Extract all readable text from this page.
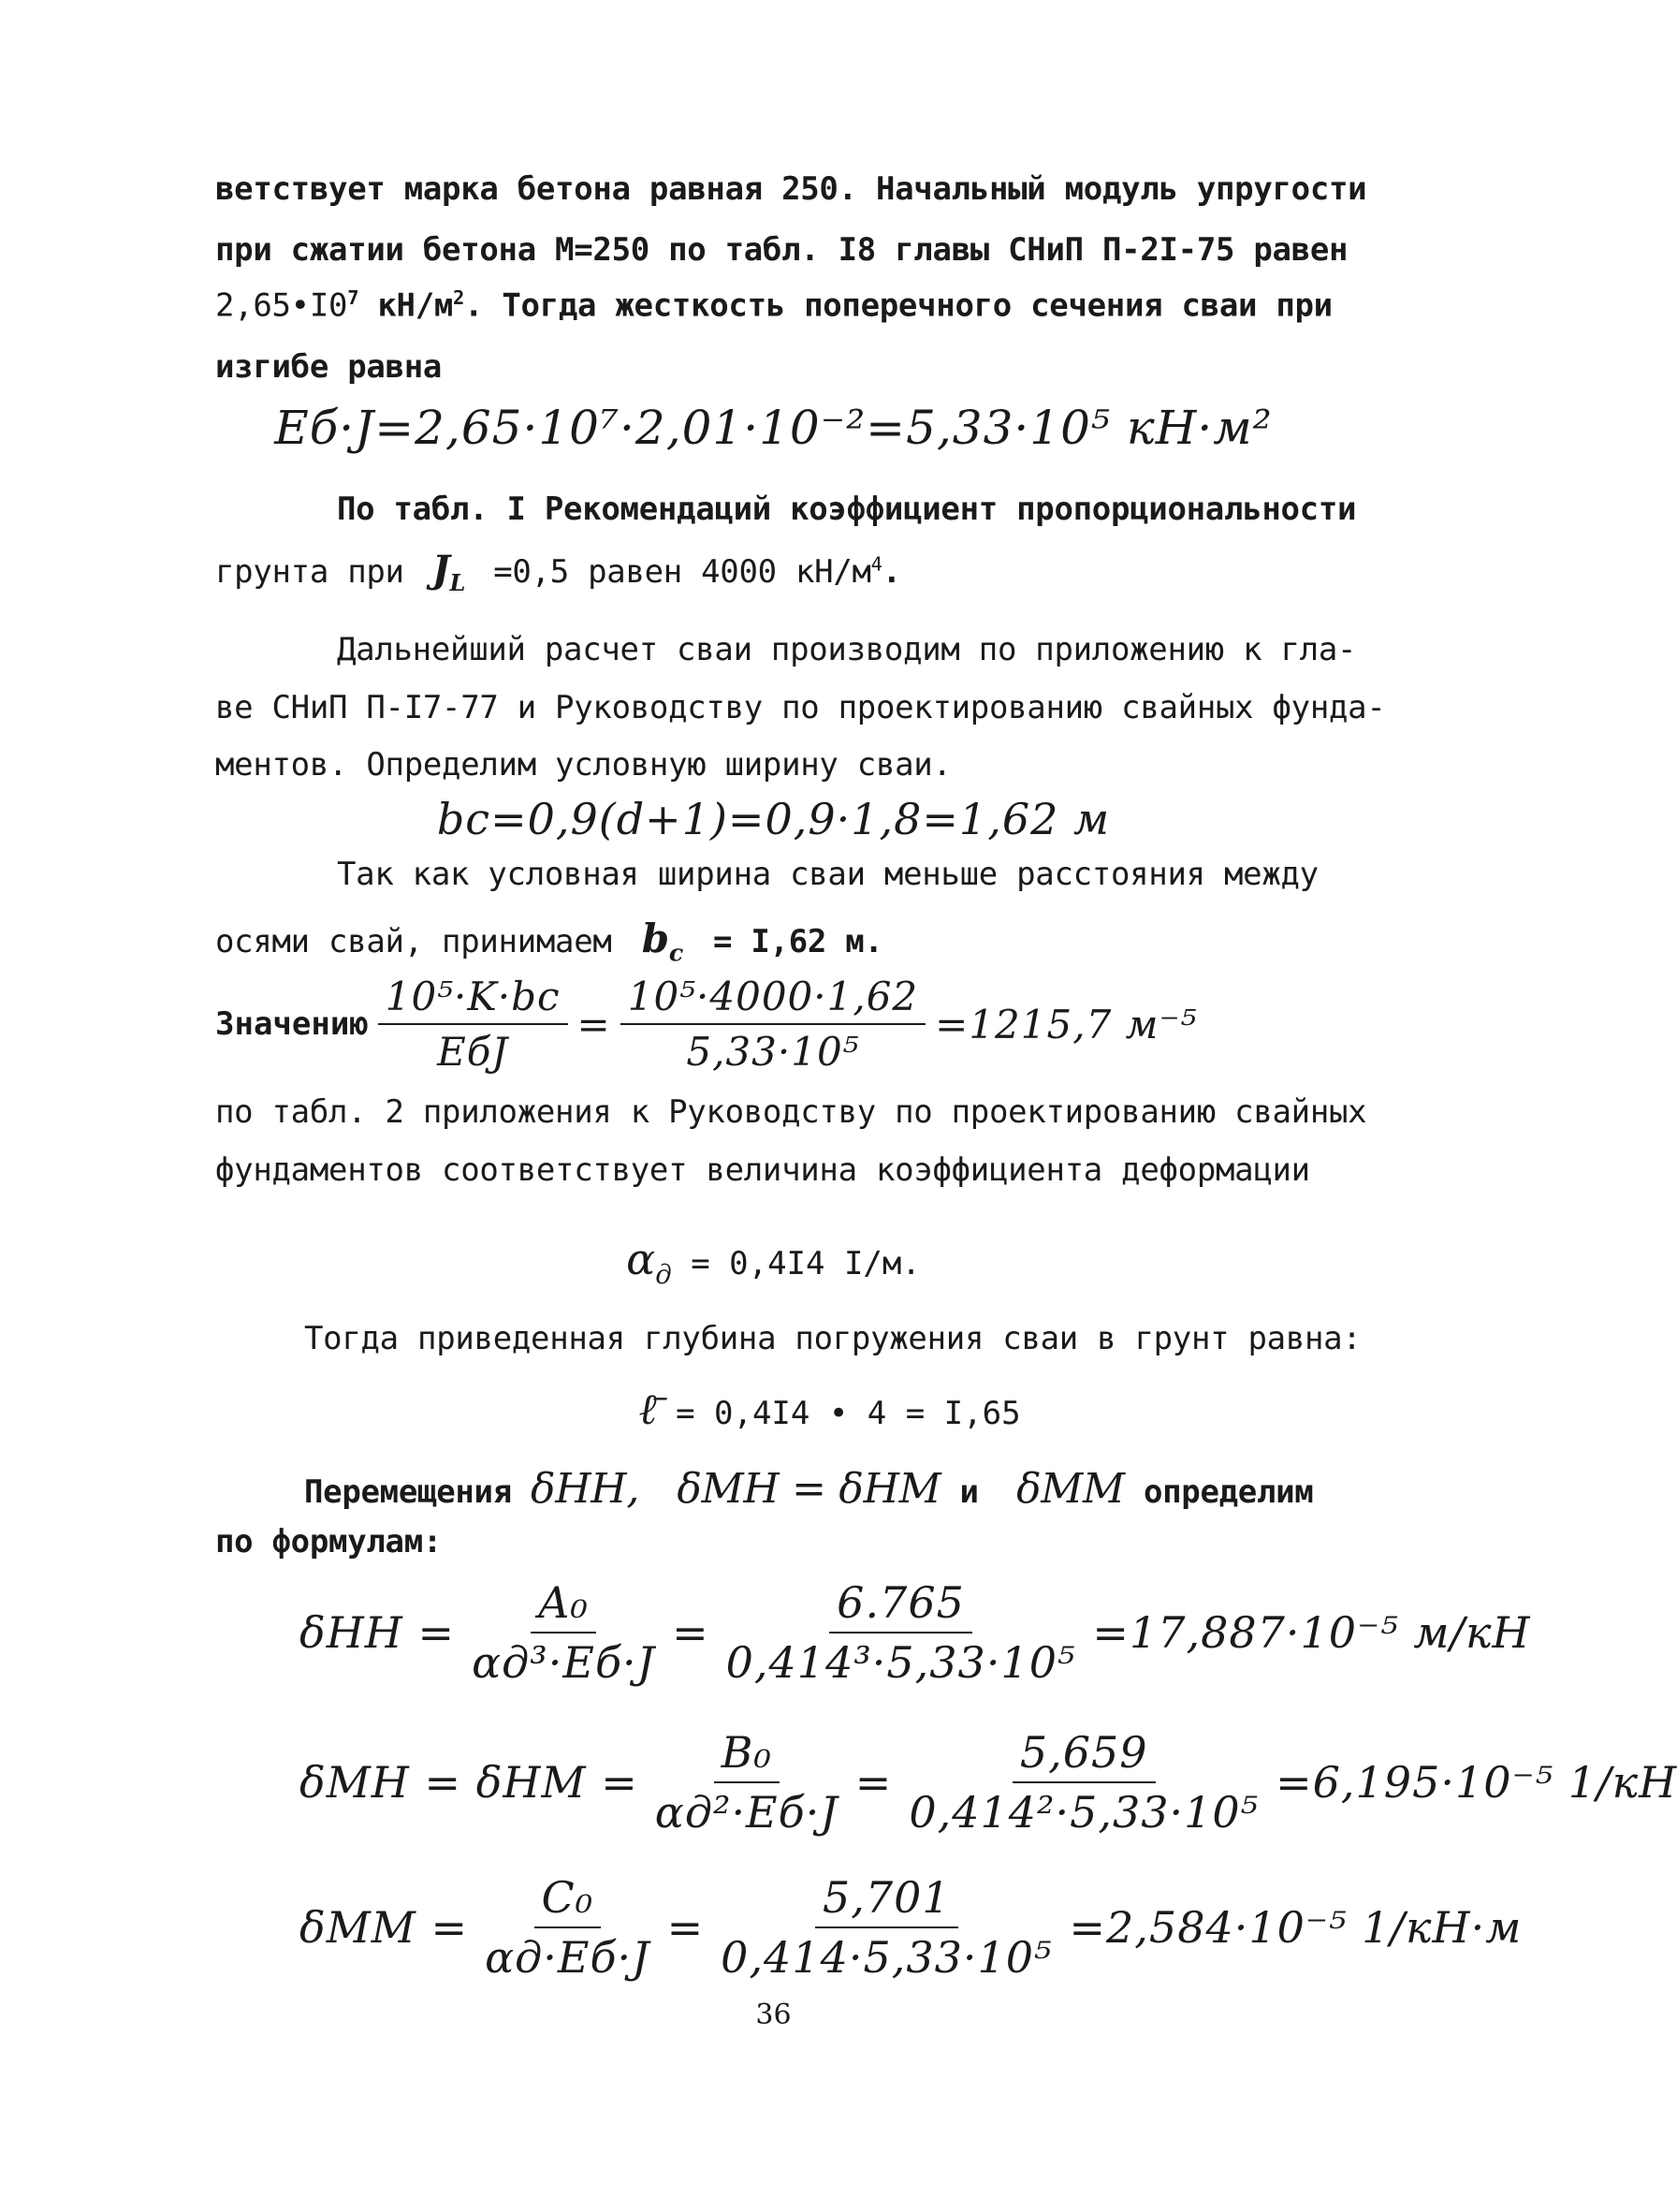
ветствует марка бетона равная 250. Начальный модуль упругости
при сжатии бетона М=250 по табл. I8 главы СНиП П-2I-75 равен
$2,65•I0^7$ $кН/м^2$. Тогда жесткость поперечного сечения сваи при
изгибе равна
Eб·J=2,65·10⁷·2,01·10⁻²=5,33·10⁵ кН·м²
По табл. I Рекомендаций коэффициент пропорциональности
грунта при $J_L =0,5$ равен 4000 $кН/м^4$.
Дальнейший расчет сваи производим по приложению к гла-
ве СНиП П-I7-77 и Руководству по проектированию свайных фунда-
ментов. Определим условную ширину сваи.
bc=0,9(d+1)=0,9·1,8=1,62 м
Так как условная ширина сваи меньше расстояния между
осями свай, принимаем $b_c = I,62$ м.
Значению $\frac{\text{10⁵·K·bc}}{\text{EбJ}} = \frac{\text{10⁵·4000·1,62}}{\text{5,33·10⁵}} =1215,7$ м⁻⁵
по табл. 2 приложения к Руководству по проектированию свайных
фундаментов соответствует величина коэффициента деформации
$\alpha_д = 0,4I4$ I/м.
Тогда приведенная глубина погружения сваи в грунт равна:
ℓ̄ = 0,4I4 • 4 = I,65
Перемещения δHH, δMH = δHM и  δMM определим
по формулам:
$\delta HH = \frac{\text{A₀}}{\text{αд³·Eб·J}} = \frac{6.765}{\text{0,414³·5,33·10⁵}} =17,887\cdot 10^{-5}$ м/кН
$\delta MH = \delta HM = \frac{\text{B₀}}{\text{αд²·Eб·J}} = \frac{5,659}{\text{0,414²·5,33·10⁵}} =6,195\cdot 10^{-5}$ 1/кН
$\delta MM = \frac{\text{C₀}}{\alpha д\cdot Eб\cdot J} = \frac{5,701}{\text{0,414·5,33·10⁵}} =2,584\cdot 10^{-5}$ 1/кН·м
36
